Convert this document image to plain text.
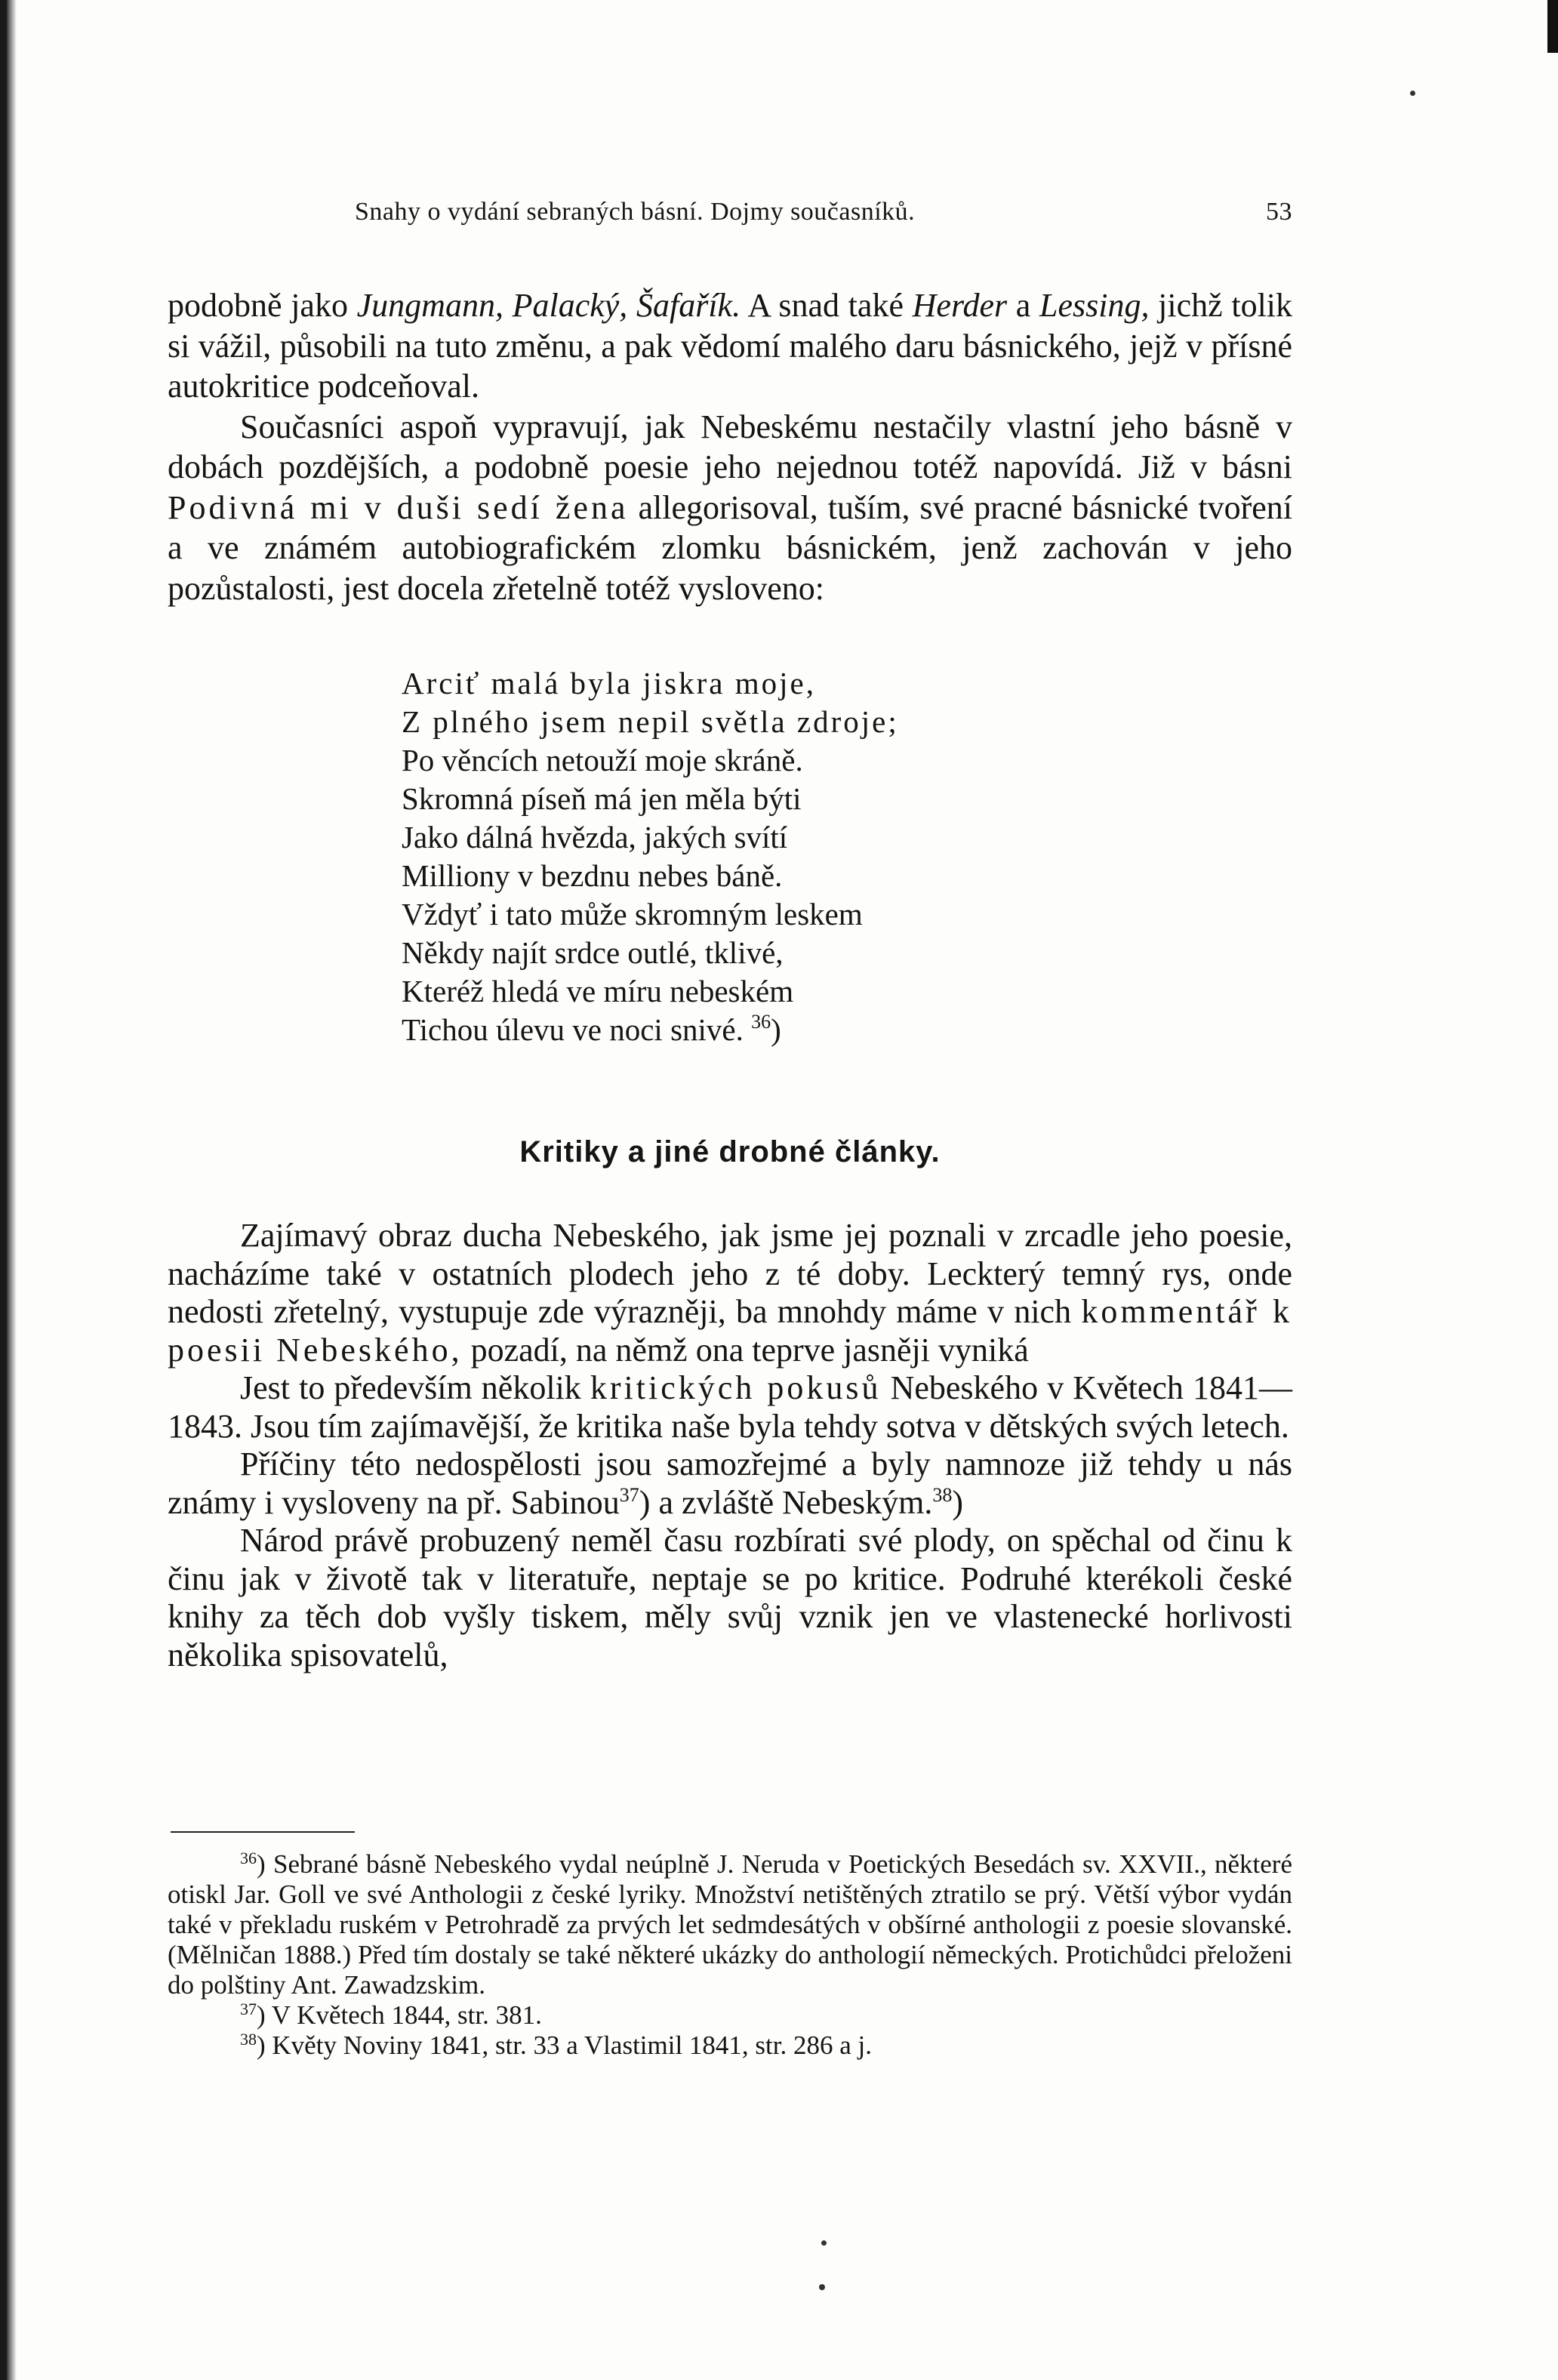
Snahy o vydání sebraných básní. Dojmy současníků.	53

podobně jako Jungmann, Palacký, Šafařík. A snad také Herder a Lessing, jichž tolik si vážil, působili na tuto změnu, a pak vědomí malého daru básnického, jejž v přísné autokritice podceňoval.

Současníci aspoň vypravují, jak Nebeskému nestačily vlastní jeho básně v dobách pozdějších, a podobně poesie jeho nejednou totéž napovídá. Již v básni Podivná mi v duši sedí žena allegorisoval, tuším, své pracné básnické tvoření a ve známém autobiografickém zlomku básnickém, jenž zachován v jeho pozůstalosti, jest docela zřetelně totéž vysloveno:

Arciť malá byla jiskra moje,
Z plného jsem nepil světla zdroje;
Po věncích netouží moje skráně.
Skromná píseň má jen měla býti
Jako dálná hvězda, jakých svítí
Milliony v bezdnu nebes báně.
Vždyť i tato může skromným leskem
Někdy najít srdce outlé, tklivé,
Kteréž hledá ve míru nebeském
Tichou úlevu ve noci snivé. $^{36}$)
Kritiky a jiné drobné články.

Zajímavý obraz ducha Nebeského, jak jsme jej poznali v zrcadle jeho poesie, nacházíme také v ostatních plodech jeho z té doby. Leckterý temný rys, onde nedosti zřetelný, vystupuje zde výrazněji, ba mnohdy máme v nich kommentář k poesii Nebeského, pozadí, na němž ona teprve jasněji vyniká

Jest to především několik kritických pokusů Nebeského v Květech 1841—1843. Jsou tím zajímavější, že kritika naše byla tehdy sotva v dětských svých letech.

Příčiny této nedospělosti jsou samozřejmé a byly namnoze již tehdy u nás známy i vysloveny na př. Sabinou$^{37}$) a zvláště Nebeským.$^{38}$)

Národ právě probuzený neměl času rozbírati své plody, on spěchal od činu k činu jak v životě tak v literatuře, neptaje se po kritice. Podruhé kterékoli české knihy za těch dob vyšly tiskem, měly svůj vznik jen ve vlastenecké horlivosti několika spisovatelů,

$^{36}$) Sebrané básně Nebeského vydal neúplně J. Neruda v Poetických Besedách sv. XXVII., některé otiskl Jar. Goll ve své Anthologii z české lyriky. Množství netištěných ztratilo se prý. Větší výbor vydán také v překladu ruském v Petrohradě za prvých let sedmdesátých v obšírné anthologii z poesie slovanské. (Mělničan 1888.) Před tím dostaly se také některé ukázky do anthologií německých. Protichůdci přeloženi do polštiny Ant. Zawadzskim.

$^{37}$) V Květech 1844, str. 381.

$^{38}$) Květy Noviny 1841, str. 33 a Vlastimil 1841, str. 286 a j.
